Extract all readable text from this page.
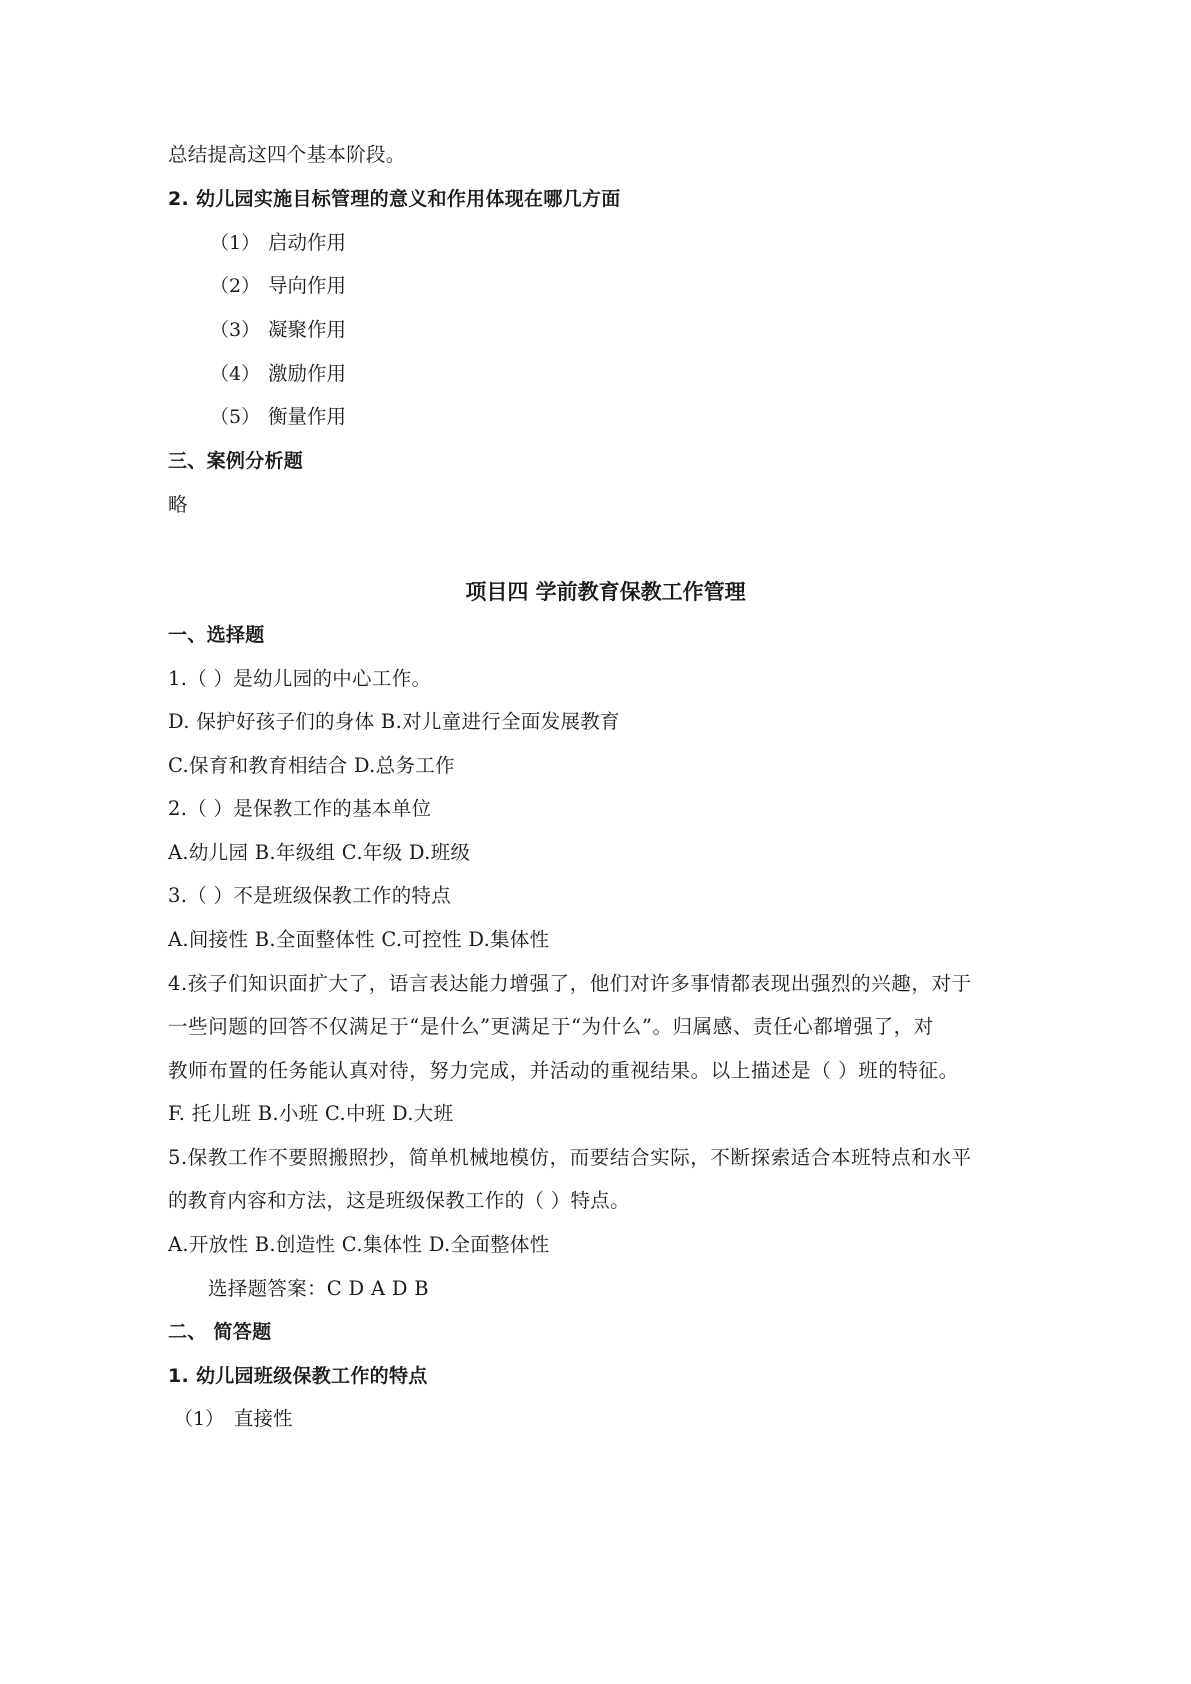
总结提高这四个基本阶段。
2. 幼儿园实施目标管理的意义和作用体现在哪几方面
（1） 启动作用
（2） 导向作用
（3） 凝聚作用
（4） 激励作用
（5） 衡量作用
三、案例分析题
略
项目四 学前教育保教工作管理
一、选择题
1.（ ）是幼儿园的中心工作。
D. 保护好孩子们的身体 B.对儿童进行全面发展教育
C.保育和教育相结合 D.总务工作
2.（ ）是保教工作的基本单位
A.幼儿园 B.年级组 C.年级 D.班级
3.（ ）不是班级保教工作的特点
A.间接性 B.全面整体性 C.可控性 D.集体性
4.孩子们知识面扩大了，语言表达能力增强了，他们对许多事情都表现出强烈的兴趣，对于
一些问题的回答不仅满足于“是什么”更满足于“为什么”。归属感、责任心都增强了，对
教师布置的任务能认真对待，努力完成，并活动的重视结果。以上描述是（ ）班的特征。
F. 托儿班 B.小班 C.中班 D.大班
5.保教工作不要照搬照抄，简单机械地模仿，而要结合实际，不断探索适合本班特点和水平
的教育内容和方法，这是班级保教工作的（ ）特点。
A.开放性 B.创造性 C.集体性 D.全面整体性
选择题答案：C D A D B
二、 简答题
1. 幼儿园班级保教工作的特点
（1） 直接性
